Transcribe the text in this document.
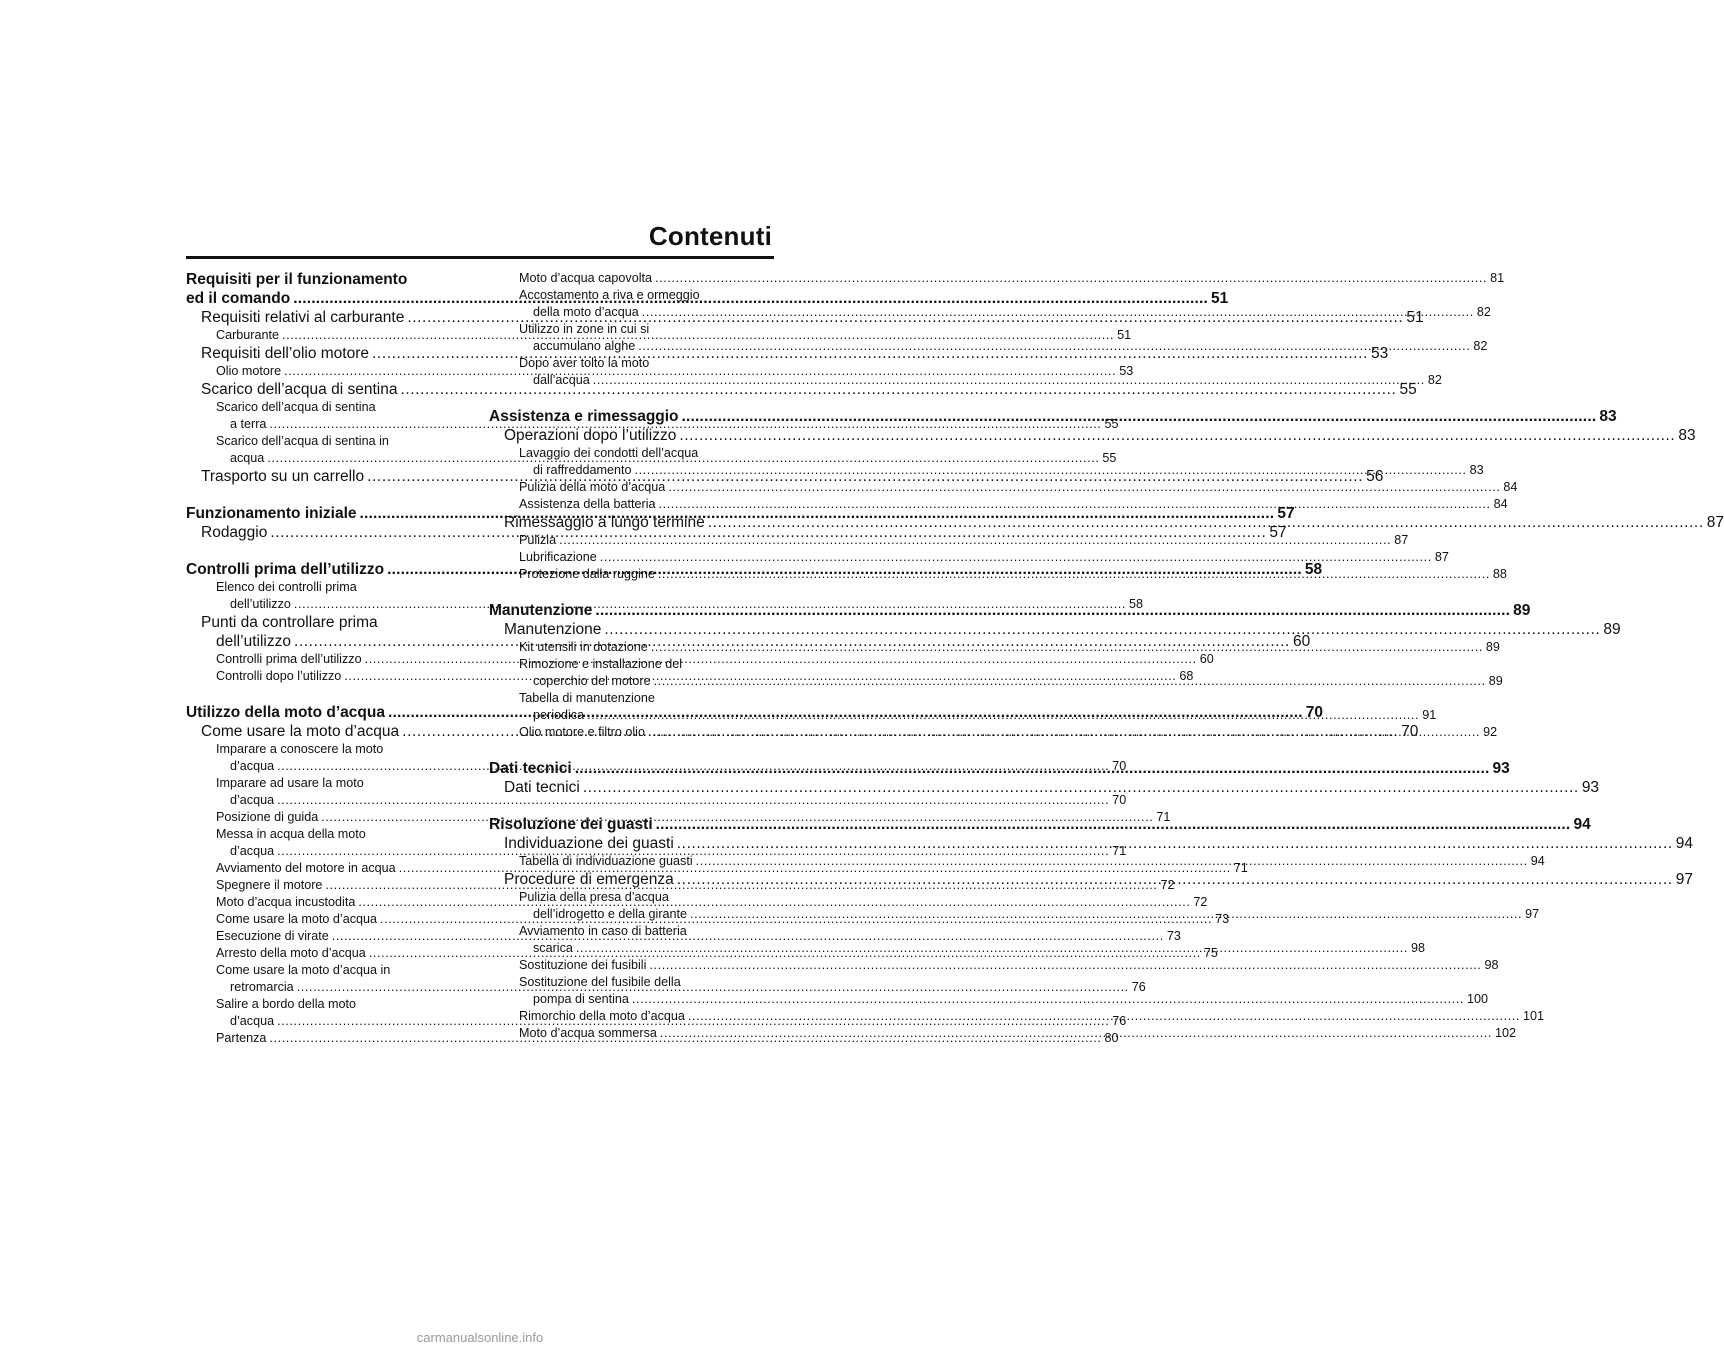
Contenuti
Requisiti per il funzionamento
ed il comando .....	51
Requisiti relativi al carburante .....	51
Carburante .....	51
Requisiti dell’olio motore .....	53
Olio motore .....	53
Scarico dell’acqua di sentina .....	55
Scarico dell’acqua di sentina
a terra .....	55
Scarico dell’acqua di sentina in
acqua .....	55
Trasporto su un carrello .....	56
Funzionamento iniziale .....	57
Rodaggio .....	57
Controlli prima dell’utilizzo .....	58
Elenco dei controlli prima
dell’utilizzo .....	58
Punti da controllare prima
dell’utilizzo .....	60
Controlli prima dell’utilizzo .....	60
Controlli dopo l’utilizzo .....	68
Utilizzo della moto d’acqua .....	70
Come usare la moto d’acqua .....	70
Imparare a conoscere la moto
d’acqua .....	70
Imparare ad usare la moto
d’acqua .....	70
Posizione di guida .....	71
Messa in acqua della moto
d’acqua .....	71
Avviamento del motore in acqua .....	71
Spegnere il motore .....	72
Moto d’acqua incustodita .....	72
Come usare la moto d’acqua .....	73
Esecuzione di virate .....	73
Arresto della moto d’acqua .....	75
Come usare la moto d’acqua in
retromarcia .....	76
Salire a bordo della moto
d’acqua .....	76
Partenza .....	80
Moto d’acqua capovolta .....	81
Accostamento a riva e ormeggio
della moto d’acqua .....	82
Utilizzo in zone in cui si
accumulano alghe .....	82
Dopo aver tolto la moto
dall’acqua .....	82
Assistenza e rimessaggio .....	83
Operazioni dopo l’utilizzo .....	83
Lavaggio dei condotti dell’acqua
di raffreddamento .....	83
Pulizia della moto d’acqua .....	84
Assistenza della batteria .....	84
Rimessaggio a lungo termine .....	87
Pulizia .....	87
Lubrificazione .....	87
Protezione dalla ruggine .....	88
Manutenzione .....	89
Manutenzione .....	89
Kit utensili in dotazione .....	89
Rimozione e installazione del
coperchio del motore .....	89
Tabella di manutenzione
periodica .....	91
Olio motore e filtro olio .....	92
Dati tecnici .....	93
Dati tecnici .....	93
Risoluzione dei guasti .....	94
Individuazione dei guasti .....	94
Tabella di individuazione guasti .....	94
Procedure di emergenza .....	97
Pulizia della presa d’acqua
dell’idrogetto e della girante .....	97
Avviamento in caso di batteria
scarica .....	98
Sostituzione dei fusibili .....	98
Sostituzione del fusibile della
pompa di sentina .....	100
Rimorchio della moto d’acqua .....	101
Moto d’acqua sommersa .....	102
carmanualsonline.info
